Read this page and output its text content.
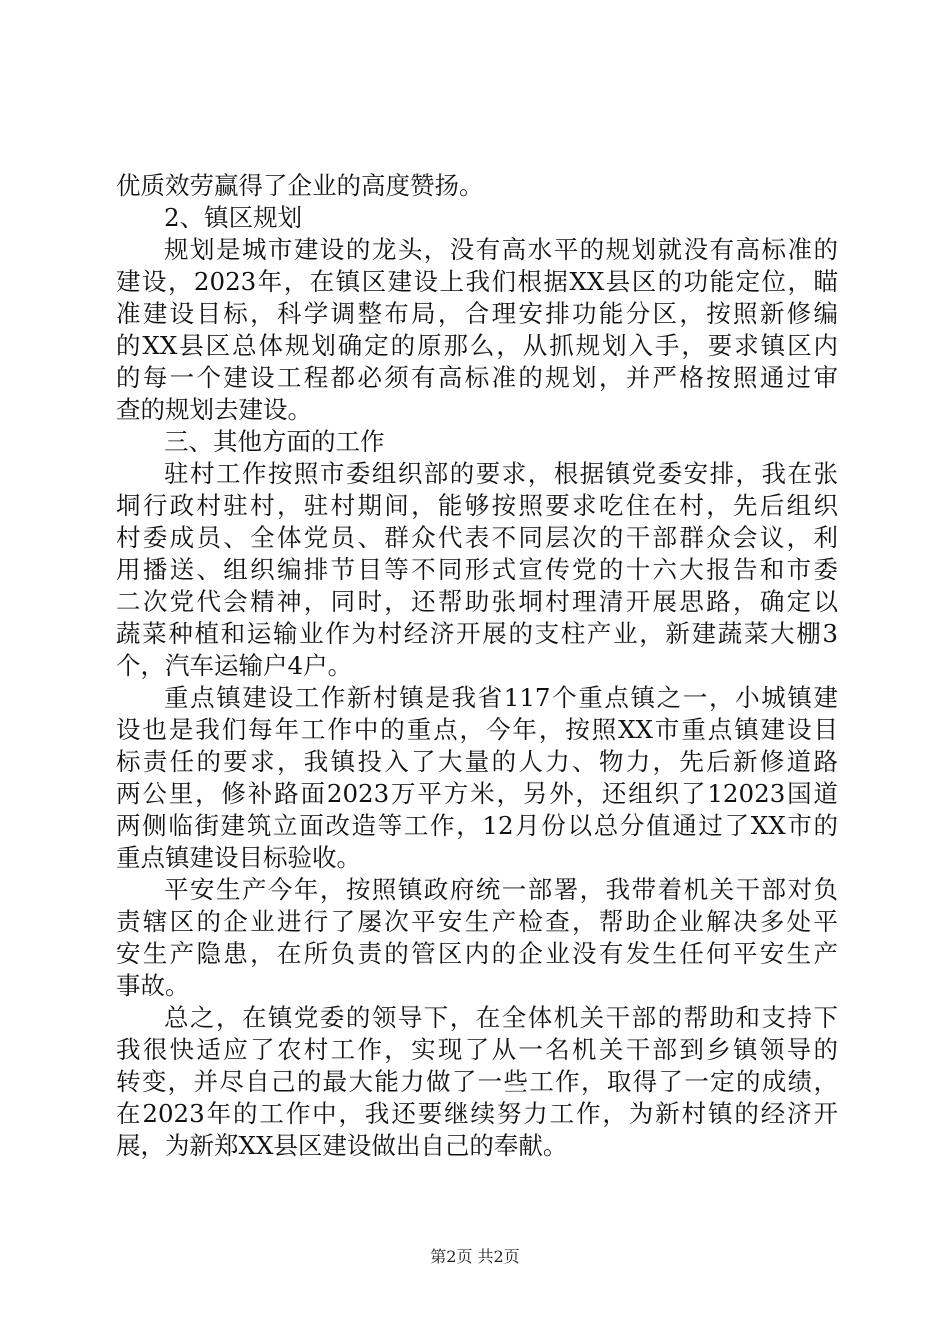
优质效劳赢得了企业的高度赞扬。
2、镇区规划
规划是城市建设的龙头，没有高水平的规划就没有高标准的
建设，2023年，在镇区建设上我们根据XX县区的功能定位，瞄
准建设目标，科学调整布局，合理安排功能分区，按照新修编
的XX县区总体规划确定的原那么，从抓规划入手，要求镇区内
的每一个建设工程都必须有高标准的规划，并严格按照通过审
查的规划去建设。
三、其他方面的工作
驻村工作按照市委组织部的要求，根据镇党委安排，我在张
垌行政村驻村，驻村期间，能够按照要求吃住在村，先后组织
村委成员、全体党员、群众代表不同层次的干部群众会议，利
用播送、组织编排节目等不同形式宣传党的十六大报告和市委
二次党代会精神，同时，还帮助张垌村理清开展思路，确定以
蔬菜种植和运输业作为村经济开展的支柱产业，新建蔬菜大棚3
个，汽车运输户4户。
重点镇建设工作新村镇是我省117个重点镇之一，小城镇建
设也是我们每年工作中的重点，今年，按照XX市重点镇建设目
标责任的要求，我镇投入了大量的人力、物力，先后新修道路
两公里，修补路面2023万平方米，另外，还组织了12023国道
两侧临街建筑立面改造等工作，12月份以总分值通过了XX市的
重点镇建设目标验收。
平安生产今年，按照镇政府统一部署，我带着机关干部对负
责辖区的企业进行了屡次平安生产检查，帮助企业解决多处平
安生产隐患，在所负责的管区内的企业没有发生任何平安生产
事故。
总之，在镇党委的领导下，在全体机关干部的帮助和支持下
我很快适应了农村工作，实现了从一名机关干部到乡镇领导的
转变，并尽自己的最大能力做了一些工作，取得了一定的成绩，
在2023年的工作中，我还要继续努力工作，为新村镇的经济开
展，为新郑XX县区建设做出自己的奉献。
第2页 共2页
